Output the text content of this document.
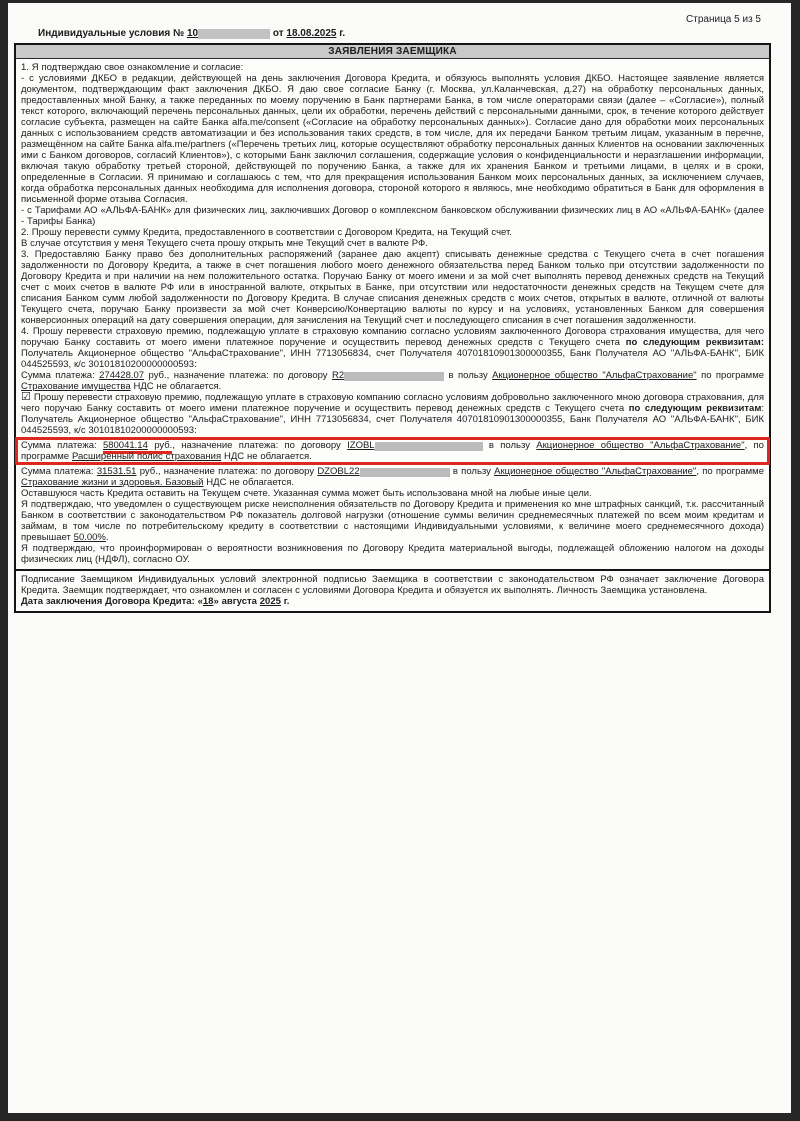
Страница 5 из 5
Индивидуальные условия № 10	от 18.08.2025 г.
ЗАЯВЛЕНИЯ ЗАЕМЩИКА
1. Я подтверждаю свое ознакомление и согласие:
- с условиями ДКБО в редакции, действующей на день заключения Договора Кредита, и обязуюсь выполнять условия ДКБО. Настоящее заявление является документом, подтверждающим факт заключения ДКБО. Я даю свое согласие Банку (г. Москва, ул.Каланчевская, д.27) на обработку персональных данных, предоставленных мной Банку, а также переданных по моему поручению в Банк партнерами Банка, в том числе операторами связи (далее – «Согласие»), полный текст которого, включающий перечень персональных данных, цели их обработки, перечень действий с персональными данными, срок, в течение которого действует согласие субъекта, размещен на сайте Банка alfa.me/consent («Согласие на обработку персональных данных»). Согласие дано для обработки моих персональных данных с использованием средств автоматизации и без использования таких средств, в том числе, для их передачи Банком третьим лицам, указанным в перечне, размещённом на сайте Банка alfa.me/partners («Перечень третьих лиц, которые осуществляют обработку персональных данных Клиентов на основании заключенных ими с Банком договоров, согласий Клиентов»), с которыми Банк заключил соглашения, содержащие условия о конфиденциальности и неразглашении информации, включая такую обработку третьей стороной, действующей по поручению Банка, а также для их хранения Банком и третьими лицами, в целях и в сроки, определенные в Согласии. Я принимаю и соглашаюсь с тем, что для прекращения использования Банком моих персональных данных, за исключением случаев, когда обработка персональных данных необходима для исполнения договора, стороной которого я являюсь, мне необходимо обратиться в Банк для оформления в письменной форме отзыва Согласия.
- с Тарифами АО «АЛЬФА-БАНК» для физических лиц, заключивших Договор о комплексном банковском обслуживании физических лиц в АО «АЛЬФА-БАНК» (далее - Тарифы Банка)
2. Прошу перевести сумму Кредита, предоставленного в соответствии с Договором Кредита, на Текущий счет.
В случае отсутствия у меня Текущего счета прошу открыть мне Текущий счет в валюте РФ.
3. Предоставляю Банку право без дополнительных распоряжений (заранее даю акцепт) списывать денежные средства с Текущего счета в счет погашения задолженности по Договору Кредита, а также в счет погашения любого моего денежного обязательства перед Банком только при отсутствии задолженности по Договору Кредита и при наличии на нем положительного остатка. Поручаю Банку от моего имени и за мой счет выполнять перевод денежных средств на Текущий счет с моих счетов в валюте РФ или в иностранной валюте, открытых в Банке, при отсутствии или недостаточности денежных средств на Текущем счете для списания Банком сумм любой задолженности по Договору Кредита. В случае списания денежных средств с моих счетов, открытых в валюте, отличной от валюты Текущего счета, поручаю Банку произвести за мой счет Конверсию/Конвертацию валюты по курсу и на условиях, установленных Банком для совершения конверсионных операций на дату совершения операции, для зачисления на Текущий счет и последующего списания в счет погашения задолженности.
4. Прошу перевести страховую премию, подлежащую уплате в страховую компанию согласно условиям заключенного Договора страхования имущества, для чего поручаю Банку составить от моего имени платежное поручение и осуществить перевод денежных средств с Текущего счета по следующим реквизитам: Получатель Акционерное общество "АльфаСтрахование", ИНН 7713056834, счет Получателя 40701810901300000355, Банк Получателя АО "АЛЬФА-БАНК", БИК 044525593, к/с 30101810200000000593:
Сумма платежа: 274428.07 руб., назначение платежа: по договору R2	в пользу Акционерное общество "АльфаСтрахование" по программе Страхование имущества НДС не облагается.
☑ Прошу перевести страховую премию, подлежащую уплате в страховую компанию согласно условиям добровольно заключенного мною договора страхования, для чего поручаю Банку составить от моего имени платежное поручение и осуществить перевод денежных средств с Текущего счета по следующим реквизитам: Получатель Акционерное общество "АльфаСтрахование", ИНН 7713056834, счет Получателя 40701810901300000355, Банк Получателя АО "АЛЬФА-БАНК", БИК 044525593, к/с 30101810200000000593:
Сумма платежа: 580041.14 руб., назначение платежа: по договору IZOBL	в пользу Акционерное общество "АльфаСтрахование", по программе Расширенный полис страхования НДС не облагается.
Сумма платежа: 31531.51 руб., назначение платежа: по договору DZOBL22	в пользу Акционерное общество "АльфаСтрахование", по программе Страхование жизни и здоровья. Базовый НДС не облагается.
Оставшуюся часть Кредита оставить на Текущем счете. Указанная сумма может быть использована мной на любые иные цели.
Я подтверждаю, что уведомлен о существующем риске неисполнения обязательств по Договору Кредита и применения ко мне штрафных санкций, т.к. рассчитанный Банком в соответствии с законодательством РФ показатель долговой нагрузки (отношение суммы величин среднемесячных платежей по всем моим кредитам и займам, в том числе по потребительскому кредиту в соответствии с настоящими Индивидуальными условиями, к величине моего среднемесячного дохода) превышает 50.00%.
Я подтверждаю, что проинформирован о вероятности возникновения по Договору Кредита материальной выгоды, подлежащей обложению налогом на доходы физических лиц (НДФЛ), согласно ОУ.
Подписание Заемщиком Индивидуальных условий электронной подписью Заемщика в соответствии с законодательством РФ означает заключение Договора Кредита. Заемщик подтверждает, что ознакомлен и согласен с условиями Договора Кредита и обязуется их выполнять. Личность Заемщика установлена.
Дата заключения Договора Кредита: «18» августа 2025 г.
